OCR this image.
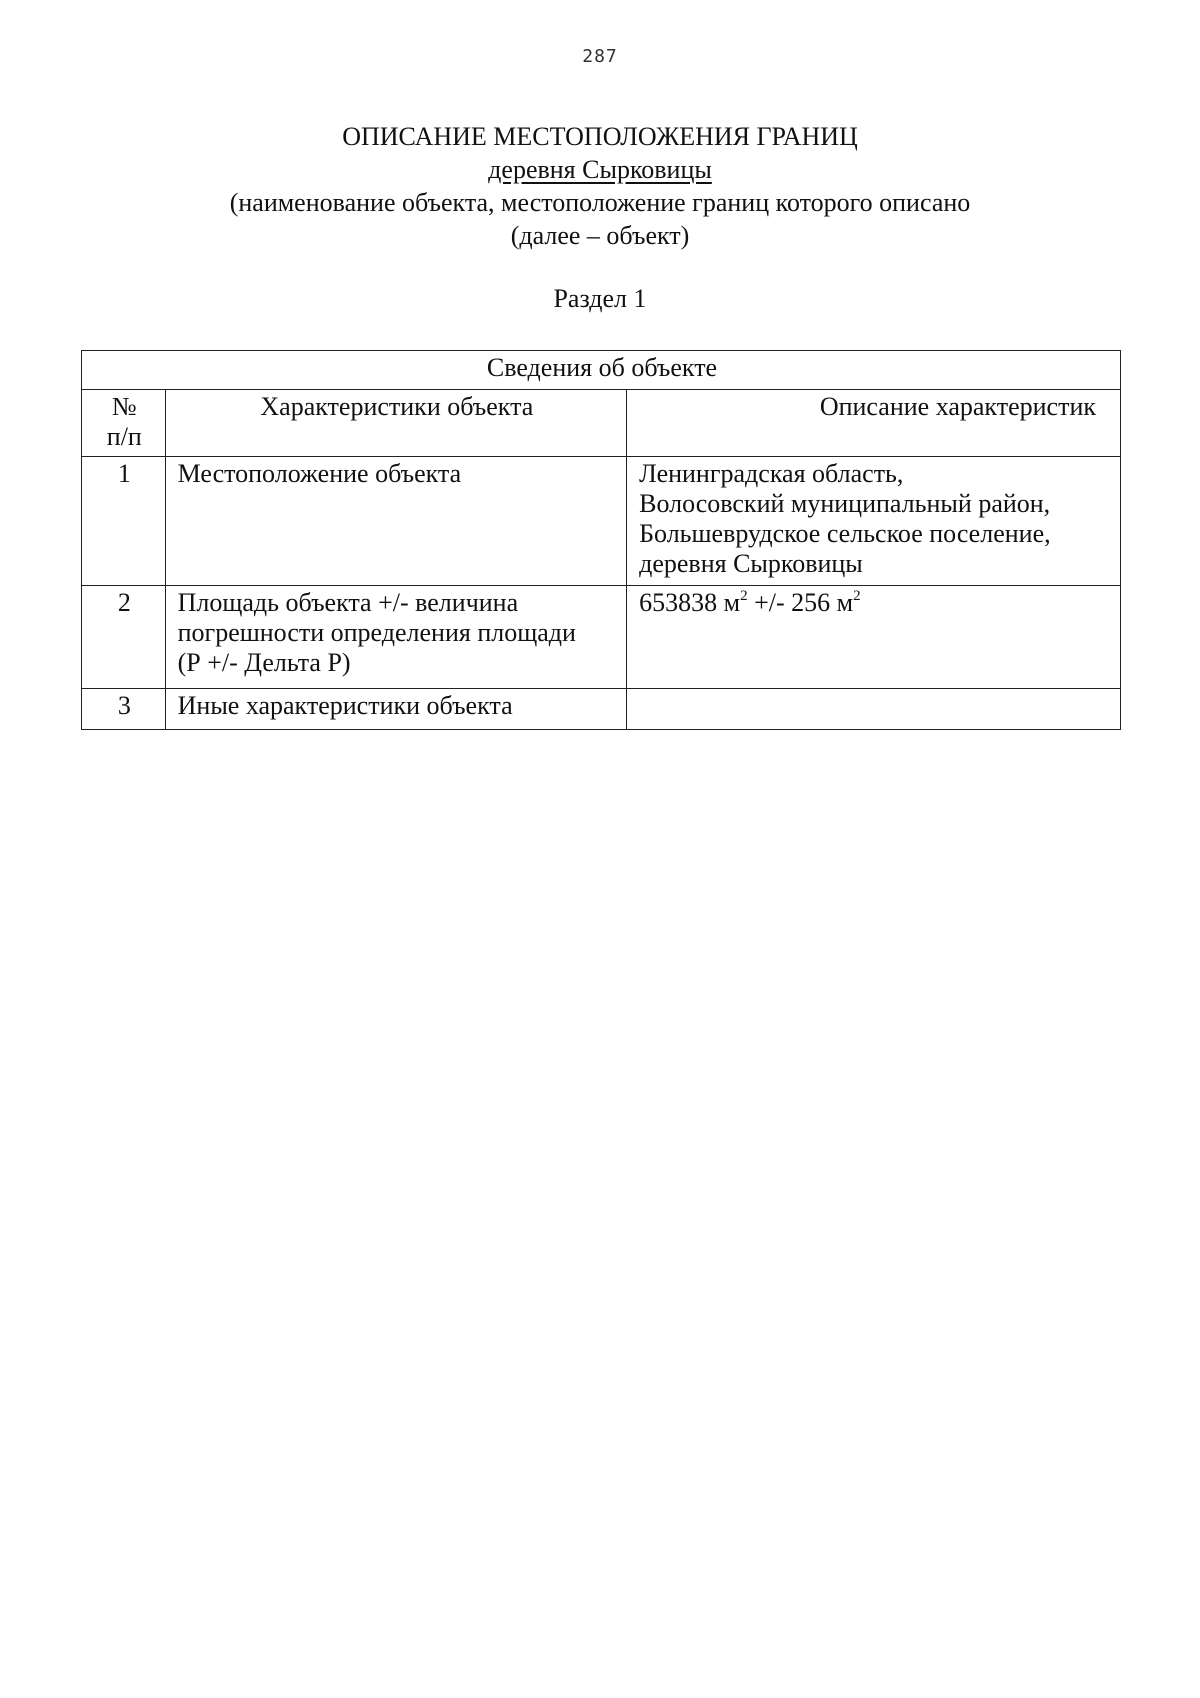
287
ОПИСАНИЕ МЕСТОПОЛОЖЕНИЯ ГРАНИЦ
деревня Сырковицы
(наименование объекта, местоположение границ которого описано
(далее – объект)
Раздел 1
Сведения об объекте		

№
п/п	Характеристики объекта	Описание характеристик
1	Местоположение объекта	Ленинградская область,
Волосовский муниципальный район,
Большеврудское сельское поселение,
деревня Сырковицы

2	Площадь объекта +/- величина
погрешности определения площади
(Р +/- Дельта Р)	653838 $м^2$ +/- 256 $м^2$
3	Иные характеристики объекта	
